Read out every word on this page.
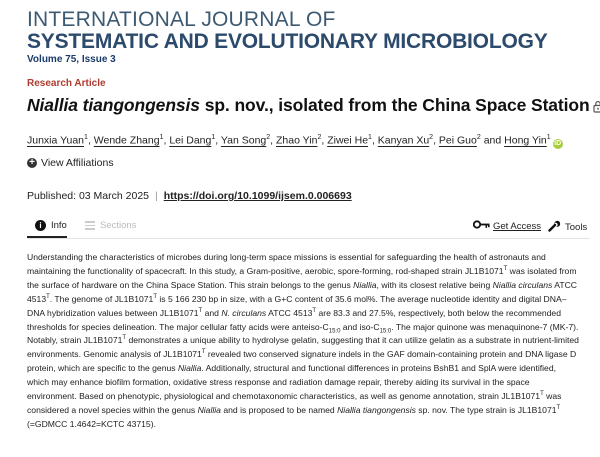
INTERNATIONAL JOURNAL OF
SYSTEMATIC AND EVOLUTIONARY MICROBIOLOGY
Volume 75, Issue 3
Research Article
Niallia tiangongensis sp. nov., isolated from the China Space Station
Junxia Yuan$^1$, Wende Zhang$^1$, Lei Dang$^1$, Yan Song$^2$, Zhao Yin$^2$, Ziwei He$^1$, Kanyan Xu$^2$, Pei Guo$^2$ and Hong Yin$^1$iD
+ View Affiliations
Published: 03 March 2025 | https://doi.org/10.1099/ijsem.0.006693
i Info	Sections	Get Access	Tools
Understanding the characteristics of microbes during long-term space missions is essential for safeguarding the health of astronauts and maintaining the functionality of spacecraft. In this study, a Gram-positive, aerobic, spore-forming, rod-shaped strain $JL1B1071^T$ was isolated from the surface of hardware on the China Space Station. This strain belongs to the genus Niallia, with its closest relative being Niallia circulans ATCC $4513^T$. The genome of $JL1B1071^T$ is 5 166 230 bp in size, with a G+C content of 35.6 mol%. The average nucleotide identity and digital DNA–DNA hybridization values between $JL1B1071^T$ and N. circulans ATCC $4513^T$ are 83.3 and 27.5%, respectively, both below the recommended thresholds for species delineation. The major cellular fatty acids were anteiso-$C_{15:0}$ and iso-$C_{15:0}$. The major quinone was menaquinone-7 (MK-7). Notably, strain $JL1B1071^T$ demonstrates a unique ability to hydrolyse gelatin, suggesting that it can utilize gelatin as a substrate in nutrient-limited environments. Genomic analysis of $JL1B1071^T$ revealed two conserved signature indels in the GAF domain-containing protein and DNA ligase D protein, which are specific to the genus Niallia. Additionally, structural and functional differences in proteins BshB1 and SplA were identified, which may enhance biofilm formation, oxidative stress response and radiation damage repair, thereby aiding its survival in the space environment. Based on phenotypic, physiological and chemotaxonomic characteristics, as well as genome annotation, strain $JL1B1071^T$ was considered a novel species within the genus Niallia and is proposed to be named Niallia tiangongensis sp. nov. The type strain is $JL1B1071^T$ (=GDMCC 1.4642=KCTC 43715).
